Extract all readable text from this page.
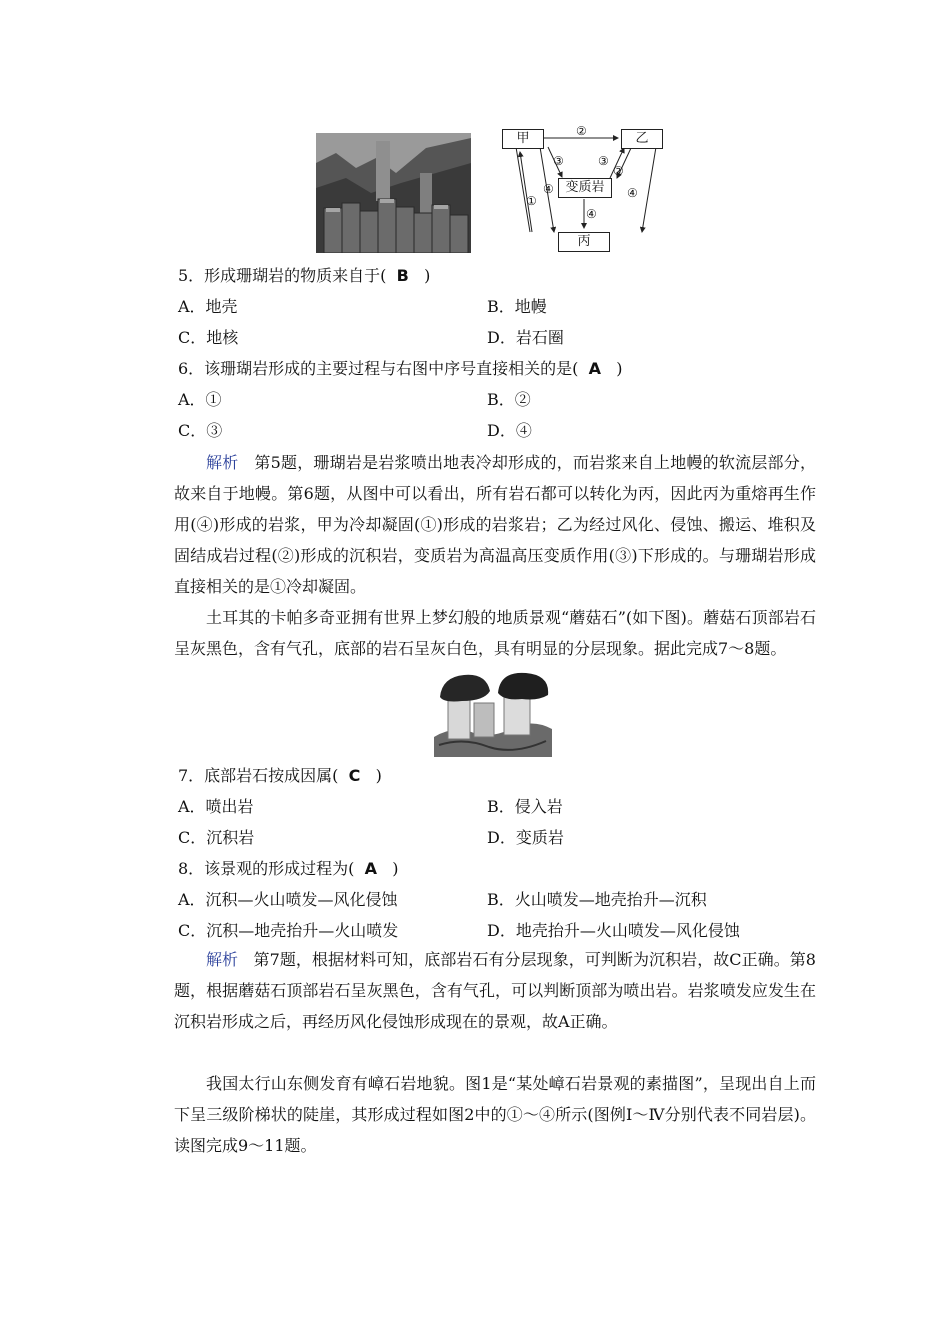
甲	乙
变质岩
丙
②
③	③
②
①
④	④
④
5．形成珊瑚岩的物质来自于( B )
A．地壳	B．地幔
C．地核	D．岩石圈
6．该珊瑚岩形成的主要过程与右图中序号直接相关的是( A )
A．①	B．②
C．③	D．④
解析 第5题，珊瑚岩是岩浆喷出地表冷却形成的，而岩浆来自上地幔的软流层部分，故来自于地幔。第6题，从图中可以看出，所有岩石都可以转化为丙，因此丙为重熔再生作用(④)形成的岩浆，甲为冷却凝固(①)形成的岩浆岩；乙为经过风化、侵蚀、搬运、堆积及固结成岩过程(②)形成的沉积岩，变质岩为高温高压变质作用(③)下形成的。与珊瑚岩形成直接相关的是①冷却凝固。
土耳其的卡帕多奇亚拥有世界上梦幻般的地质景观“蘑菇石”(如下图)。蘑菇石顶部岩石呈灰黑色，含有气孔，底部的岩石呈灰白色，具有明显的分层现象。据此完成7～8题。
7．底部岩石按成因属( C )
A．喷出岩	B．侵入岩
C．沉积岩	D．变质岩
8．该景观的形成过程为( A )
A．沉积—火山喷发—风化侵蚀	B．火山喷发—地壳抬升—沉积
C．沉积—地壳抬升—火山喷发	D．地壳抬升—火山喷发—风化侵蚀
解析 第7题，根据材料可知，底部岩石有分层现象，可判断为沉积岩，故C正确。第8题，根据蘑菇石顶部岩石呈灰黑色，含有气孔，可以判断顶部为喷出岩。岩浆喷发应发生在沉积岩形成之后，再经历风化侵蚀形成现在的景观，故A正确。
我国太行山东侧发育有嶂石岩地貌。图1是“某处嶂石岩景观的素描图”，呈现出自上而下呈三级阶梯状的陡崖，其形成过程如图2中的①～④所示(图例Ⅰ～Ⅳ分别代表不同岩层)。读图完成9～11题。
